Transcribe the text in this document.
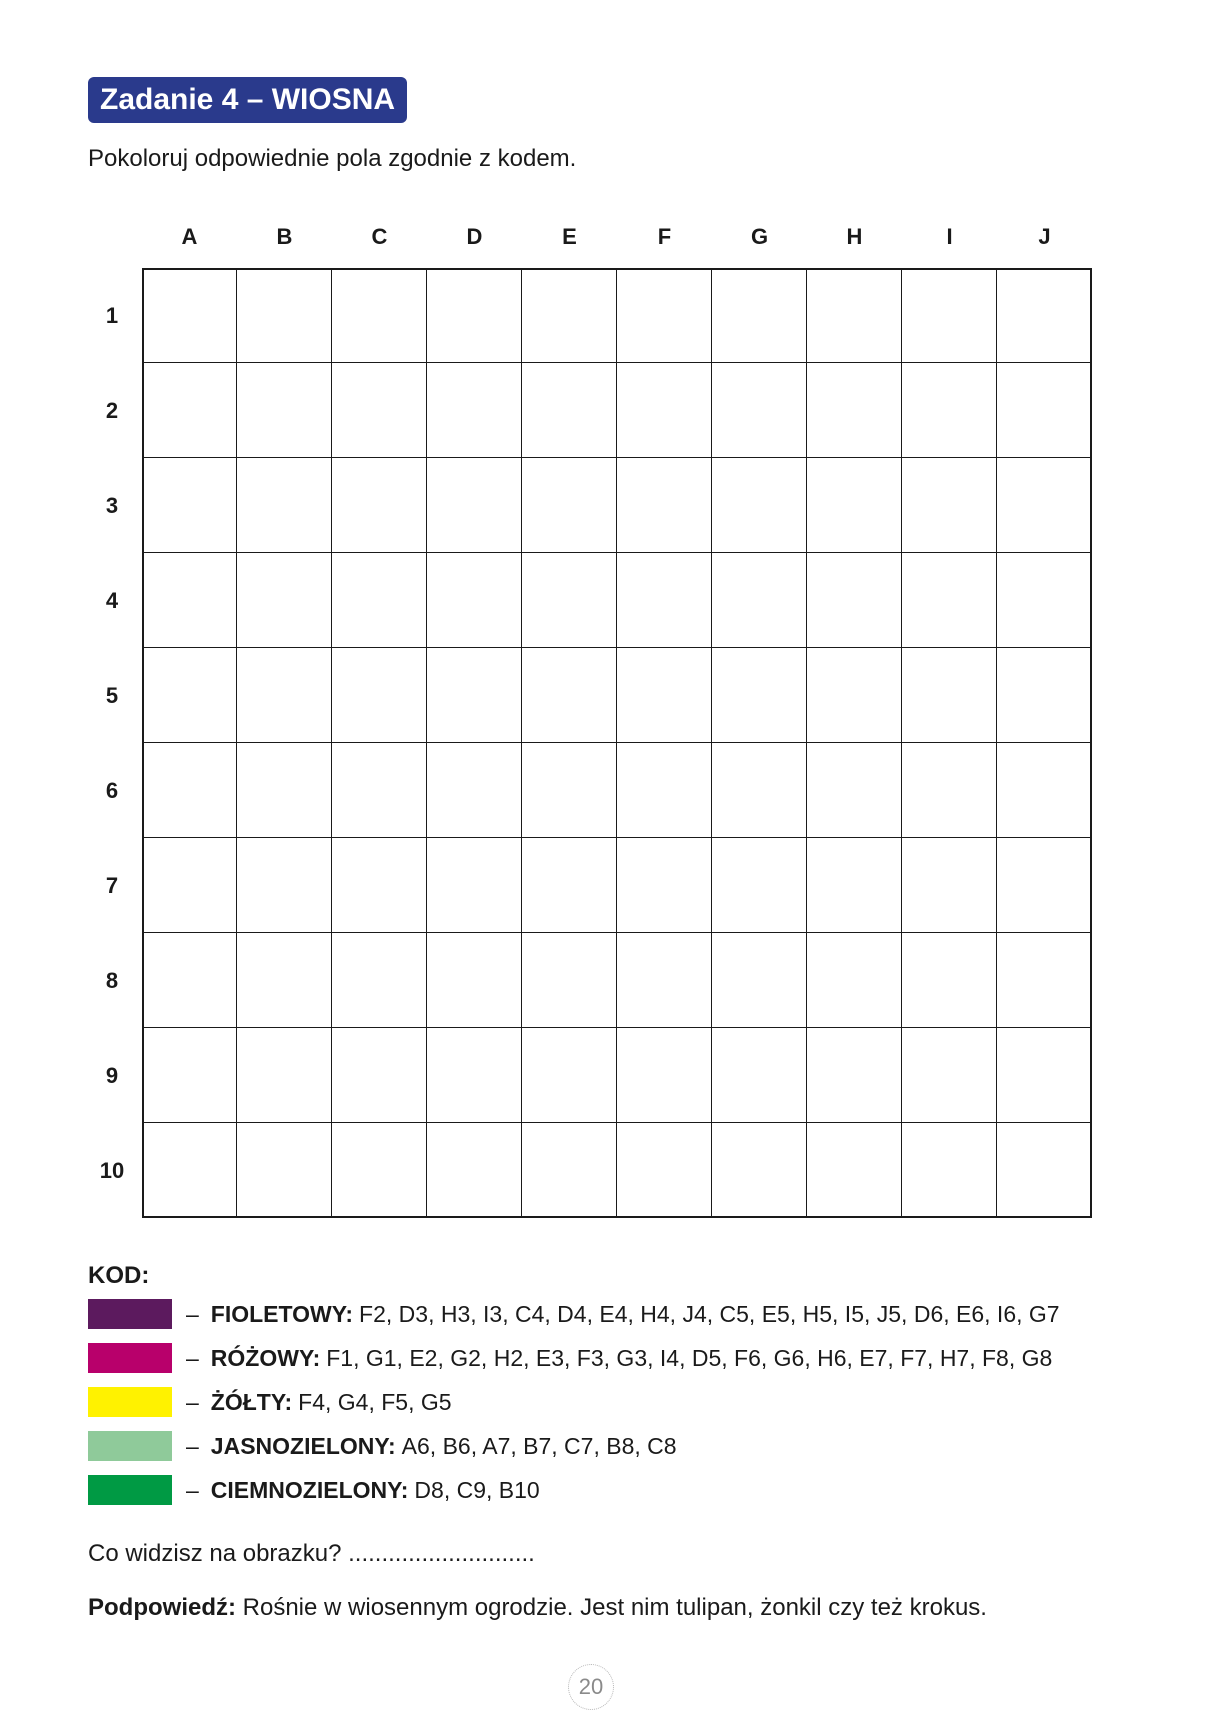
Zadanie 4 – WIOSNA
Pokoloruj odpowiednie pola zgodnie z kodem.
A	B	C	D	E	F	G	H	I	J
1
2
3
4
5
6
7
8
9
10
KOD:
– FIOLETOWY: F2, D3, H3, I3, C4, D4, E4, H4, J4, C5, E5, H5, I5, J5, D6, E6, I6, G7
– RÓŻOWY: F1, G1, E2, G2, H2, E3, F3, G3, I4, D5, F6, G6, H6, E7, F7, H7, F8, G8
– ŻÓŁTY: F4, G4, F5, G5
– JASNOZIELONY: A6, B6, A7, B7, C7, B8, C8
– CIEMNOZIELONY: D8, C9, B10
Co widzisz na obrazku? ............................
Podpowiedź: Rośnie w wiosennym ogrodzie. Jest nim tulipan, żonkil czy też krokus.
20
